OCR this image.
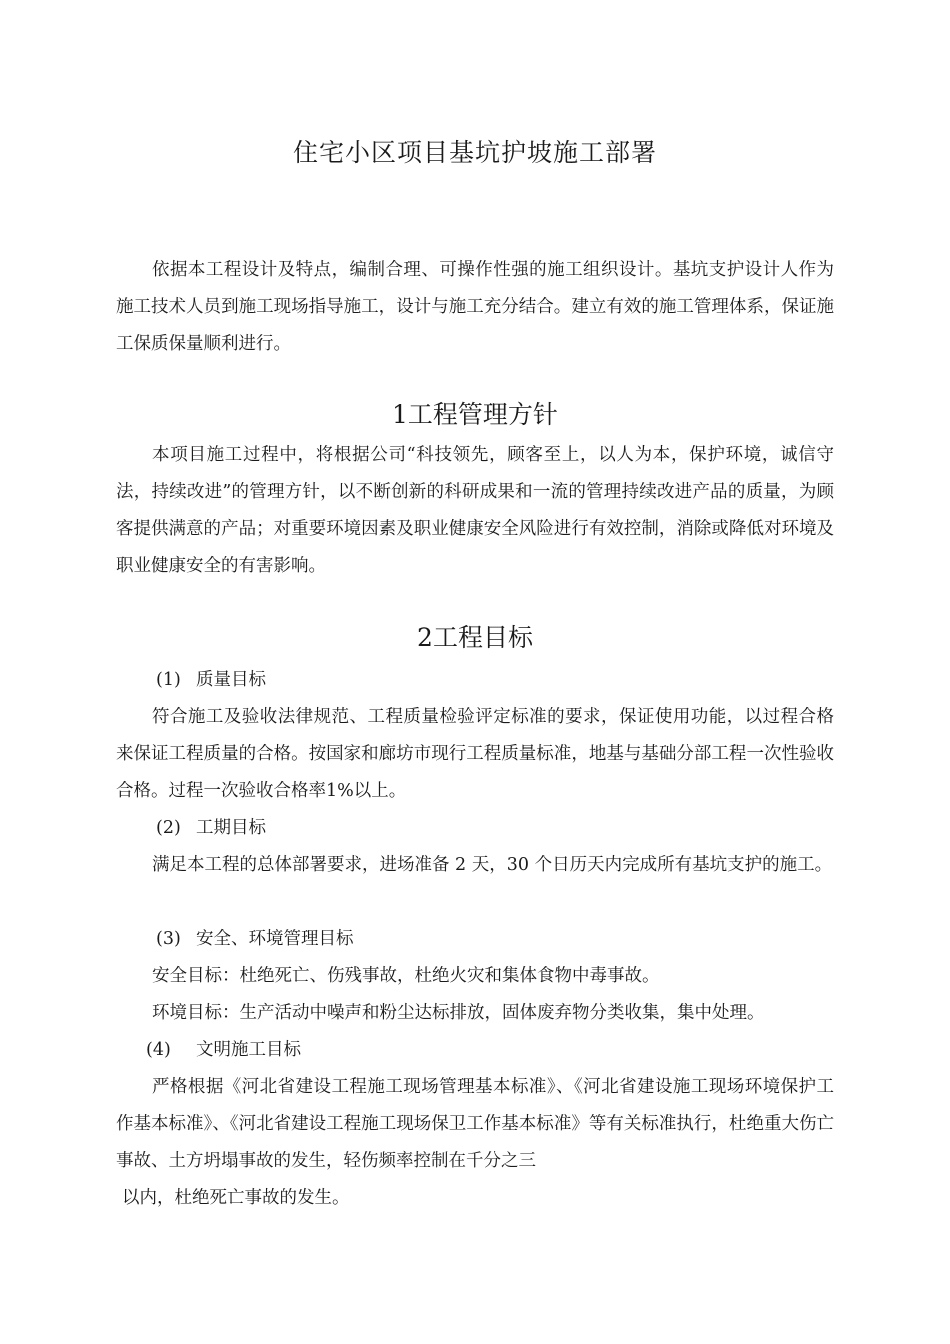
住宅小区项目基坑护坡施工部署

依据本工程设计及特点，编制合理、可操作性强的施工组织设计。基坑支护设计人作为施工技术人员到施工现场指导施工，设计与施工充分结合。建立有效的施工管理体系，保证施工保质保量顺利进行。

1工程管理方针

本项目施工过程中，将根据公司“科技领先，顾客至上，以人为本，保护环境，诚信守法，持续改进”的管理方针，以不断创新的科研成果和一流的管理持续改进产品的质量，为顾客提供满意的产品；对重要环境因素及职业健康安全风险进行有效控制，消除或降低对环境及职业健康安全的有害影响。

2工程目标
(1) 质量目标

符合施工及验收法律规范、工程质量检验评定标准的要求，保证使用功能，以过程合格来保证工程质量的合格。按国家和廊坊市现行工程质量标准，地基与基础分部工程一次性验收合格。过程一次验收合格率1%以上。

(2) 工期目标

满足本工程的总体部署要求，进场准备 2 天，30 个日历天内完成所有基坑支护的施工。

(3) 安全、环境管理目标
安全目标：杜绝死亡、伤残事故，杜绝火灾和集体食物中毒事故。
环境目标：生产活动中噪声和粉尘达标排放，固体废弃物分类收集，集中处理。
(4) 文明施工目标

严格根据《河北省建设工程施工现场管理基本标准》、《河北省建设施工现场环境保护工作基本标准》、《河北省建设工程施工现场保卫工作基本标准》等有关标准执行，杜绝重大伤亡事故、土方坍塌事故的发生，轻伤频率控制在千分之三

以内，杜绝死亡事故的发生。
